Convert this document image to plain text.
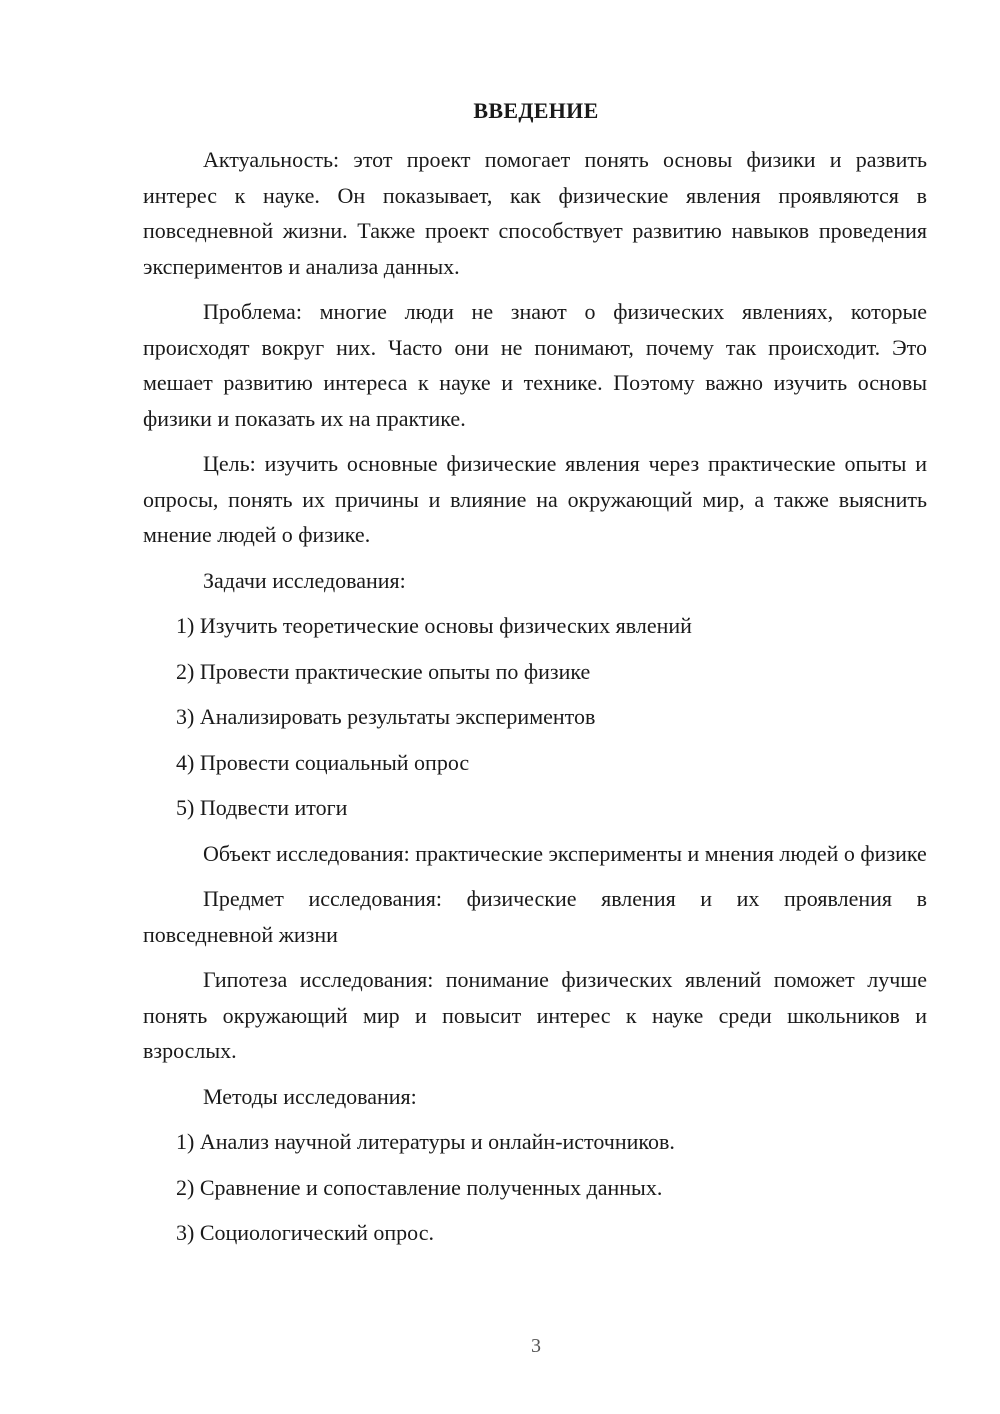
ВВЕДЕНИЕ

Актуальность: этот проект помогает понять основы физики и развить интерес к науке. Он показывает, как физические явления проявляются в повседневной жизни. Также проект способствует развитию навыков проведения экспериментов и анализа данных.

Проблема: многие люди не знают о физических явлениях, которые происходят вокруг них. Часто они не понимают, почему так происходит. Это мешает развитию интереса к науке и технике. Поэтому важно изучить основы физики и показать их на практике.

Цель: изучить основные физические явления через практические опыты и опросы, понять их причины и влияние на окружающий мир, а также выяснить мнение людей о физике.

Задачи исследования:

1) Изучить теоретические основы физических явлений

2) Провести практические опыты по физике

3) Анализировать результаты экспериментов

4) Провести социальный опрос

5) Подвести итоги

Объект исследования: практические эксперименты и мнения людей о физике

Предмет исследования: физические явления и их проявления в повседневной жизни

Гипотеза исследования: понимание физических явлений поможет лучше понять окружающий мир и повысит интерес к науке среди школьников и взрослых.

Методы исследования:

1) Анализ научной литературы и онлайн-источников.

2) Сравнение и сопоставление полученных данных.

3) Социологический опрос.

3
